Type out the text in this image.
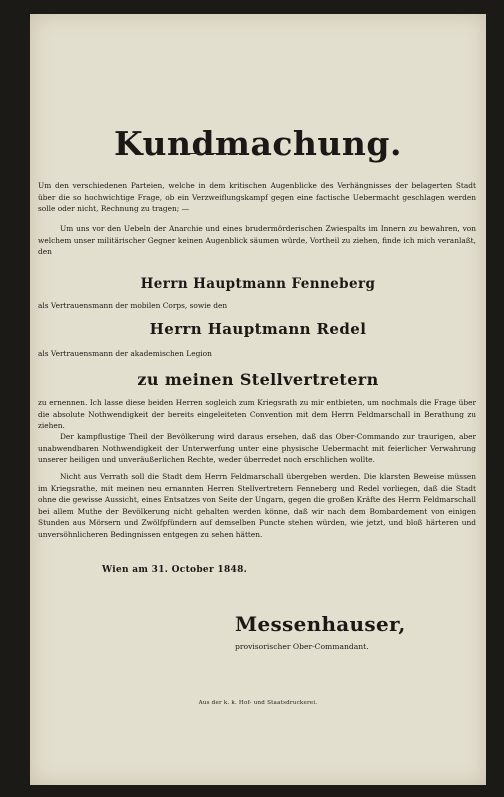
Kundmachung.

Um den verschiedenen Parteien, welche in dem kritischen Augenblicke des Verhängnisses der belagerten Stadt über die so hochwichtige Frage, ob ein Verzweiflungskampf gegen eine factische Uebermacht geschlagen werden solle oder nicht, Rechnung zu tragen; —

Um uns vor den Uebeln der Anarchie und eines brudermörderischen Zwiespalts im Innern zu bewahren, von welchem unser militärischer Gegner keinen Augenblick säumen würde, Vortheil zu ziehen, finde ich mich veranlaßt, den

Herrn Hauptmann Fenneberg

als Vertrauensmann der mobilen Corps, sowie den

Herrn Hauptmann Redel

als Vertrauensmann der akademischen Legion

zu meinen Stellvertretern

zu ernennen. Ich lasse diese beiden Herren sogleich zum Kriegsrath zu mir entbieten, um nochmals die Frage über die absolute Nothwendigkeit der bereits eingeleiteten Convention mit dem Herrn Feldmarschall in Berathung zu ziehen.

Der kampflustige Theil der Bevölkerung wird daraus ersehen, daß das Ober-Commando zur traurigen, aber unabwendbaren Nothwendigkeit der Unterwerfung unter eine physische Uebermacht mit feierlicher Verwahrung unserer heiligen und unveräußerlichen Rechte, weder überredet noch erschlichen wollte.

Nicht aus Verrath soll die Stadt dem Herrn Feldmarschall übergeben werden. Die klarsten Beweise müssen im Kriegsrathe, mit meinen neu ernannten Herren Stellvertretern Fenneberg und Redel vorliegen, daß die Stadt ohne die gewisse Aussicht, eines Entsatzes von Seite der Ungarn, gegen die großen Kräfte des Herrn Feldmarschall bei allem Muthe der Bevölkerung nicht gehalten werden könne, daß wir nach dem Bombardement von einigen Stunden aus Mörsern und Zwölfpfündern auf demselben Puncte stehen würden, wie jetzt, und bloß härteren und unversöhnlicheren Bedingnissen entgegen zu sehen hätten.

Wien am 31. October 1848.

Messenhauser,

provisorischer Ober-Commandant.

Aus der k. k. Hof- und Staatsdruckerei.
